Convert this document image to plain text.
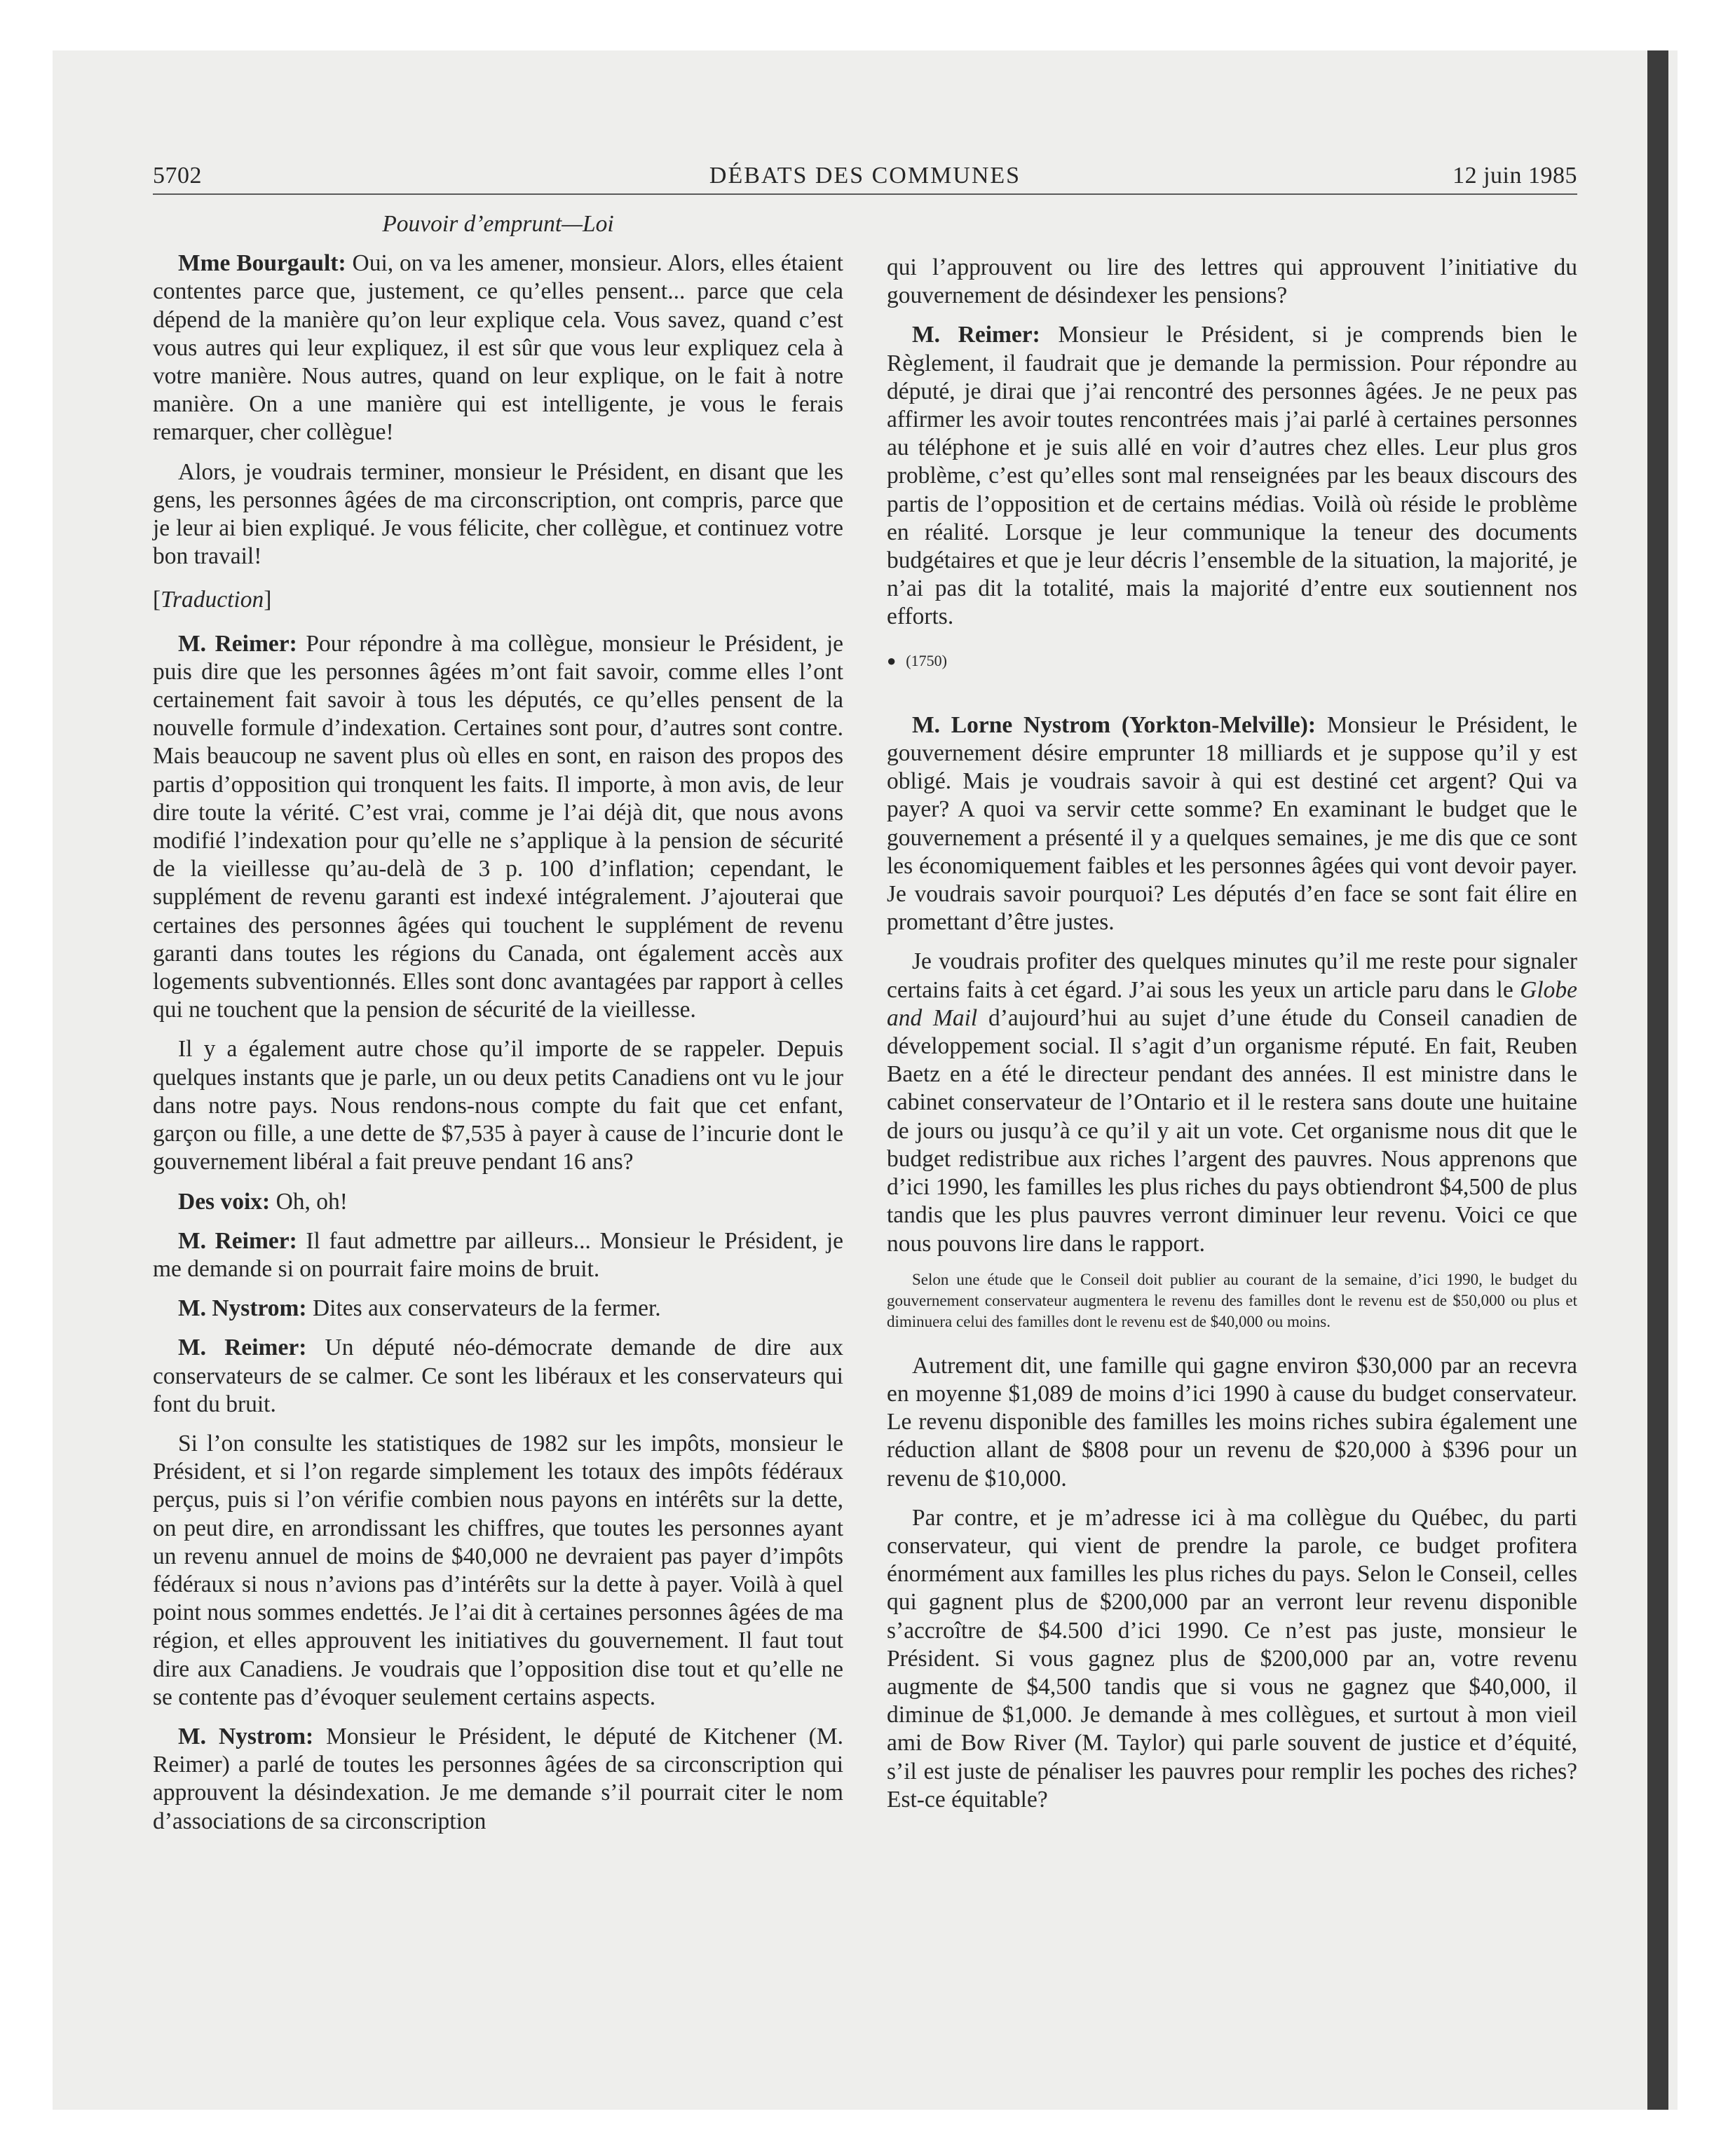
5702	DÉBATS DES COMMUNES	12 juin 1985

Pouvoir d’emprunt—Loi

Mme Bourgault: Oui, on va les amener, monsieur. Alors, elles étaient contentes parce que, justement, ce qu’elles pensent... parce que cela dépend de la manière qu’on leur explique cela. Vous savez, quand c’est vous autres qui leur expliquez, il est sûr que vous leur expliquez cela à votre manière. Nous autres, quand on leur explique, on le fait à notre manière. On a une manière qui est intelligente, je vous le ferais remarquer, cher collègue!

Alors, je voudrais terminer, monsieur le Président, en disant que les gens, les personnes âgées de ma circonscription, ont compris, parce que je leur ai bien expliqué. Je vous félicite, cher collègue, et continuez votre bon travail!

[Traduction]

M. Reimer: Pour répondre à ma collègue, monsieur le Président, je puis dire que les personnes âgées m’ont fait savoir, comme elles l’ont certainement fait savoir à tous les députés, ce qu’elles pensent de la nouvelle formule d’indexation. Certaines sont pour, d’autres sont contre. Mais beaucoup ne savent plus où elles en sont, en raison des propos des partis d’opposition qui tronquent les faits. Il importe, à mon avis, de leur dire toute la vérité. C’est vrai, comme je l’ai déjà dit, que nous avons modifié l’indexation pour qu’elle ne s’applique à la pension de sécurité de la vieillesse qu’au-delà de 3 p. 100 d’inflation; cependant, le supplément de revenu garanti est indexé intégralement. J’ajouterai que certaines des personnes âgées qui touchent le supplément de revenu garanti dans toutes les régions du Canada, ont également accès aux logements subventionnés. Elles sont donc avantagées par rapport à celles qui ne touchent que la pension de sécurité de la vieillesse.

Il y a également autre chose qu’il importe de se rappeler. Depuis quelques instants que je parle, un ou deux petits Canadiens ont vu le jour dans notre pays. Nous rendons-nous compte du fait que cet enfant, garçon ou fille, a une dette de $7,535 à payer à cause de l’incurie dont le gouvernement libéral a fait preuve pendant 16 ans?

Des voix: Oh, oh!

M. Reimer: Il faut admettre par ailleurs... Monsieur le Président, je me demande si on pourrait faire moins de bruit.

M. Nystrom: Dites aux conservateurs de la fermer.

M. Reimer: Un député néo-démocrate demande de dire aux conservateurs de se calmer. Ce sont les libéraux et les conservateurs qui font du bruit.

Si l’on consulte les statistiques de 1982 sur les impôts, monsieur le Président, et si l’on regarde simplement les totaux des impôts fédéraux perçus, puis si l’on vérifie combien nous payons en intérêts sur la dette, on peut dire, en arrondissant les chiffres, que toutes les personnes ayant un revenu annuel de moins de $40,000 ne devraient pas payer d’impôts fédéraux si nous n’avions pas d’intérêts sur la dette à payer. Voilà à quel point nous sommes endettés. Je l’ai dit à certaines personnes âgées de ma région, et elles approuvent les initiatives du gouvernement. Il faut tout dire aux Canadiens. Je voudrais que l’opposition dise tout et qu’elle ne se contente pas d’évoquer seulement certains aspects.

M. Nystrom: Monsieur le Président, le député de Kitchener (M. Reimer) a parlé de toutes les personnes âgées de sa circonscription qui approuvent la désindexation. Je me demande s’il pourrait citer le nom d’associations de sa circonscription

qui l’approuvent ou lire des lettres qui approuvent l’initiative du gouvernement de désindexer les pensions?

M. Reimer: Monsieur le Président, si je comprends bien le Règlement, il faudrait que je demande la permission. Pour répondre au député, je dirai que j’ai rencontré des personnes âgées. Je ne peux pas affirmer les avoir toutes rencontrées mais j’ai parlé à certaines personnes au téléphone et je suis allé en voir d’autres chez elles. Leur plus gros problème, c’est qu’elles sont mal renseignées par les beaux discours des partis de l’opposition et de certains médias. Voilà où réside le problème en réalité. Lorsque je leur communique la teneur des documents budgétaires et que je leur décris l’ensemble de la situation, la majorité, je n’ai pas dit la totalité, mais la majorité d’entre eux soutiennent nos efforts.

● (1750)

M. Lorne Nystrom (Yorkton-Melville): Monsieur le Président, le gouvernement désire emprunter 18 milliards et je suppose qu’il y est obligé. Mais je voudrais savoir à qui est destiné cet argent? Qui va payer? A quoi va servir cette somme? En examinant le budget que le gouvernement a présenté il y a quelques semaines, je me dis que ce sont les économiquement faibles et les personnes âgées qui vont devoir payer. Je voudrais savoir pourquoi? Les députés d’en face se sont fait élire en promettant d’être justes.

Je voudrais profiter des quelques minutes qu’il me reste pour signaler certains faits à cet égard. J’ai sous les yeux un article paru dans le Globe and Mail d’aujourd’hui au sujet d’une étude du Conseil canadien de développement social. Il s’agit d’un organisme réputé. En fait, Reuben Baetz en a été le directeur pendant des années. Il est ministre dans le cabinet conservateur de l’Ontario et il le restera sans doute une huitaine de jours ou jusqu’à ce qu’il y ait un vote. Cet organisme nous dit que le budget redistribue aux riches l’argent des pauvres. Nous apprenons que d’ici 1990, les familles les plus riches du pays obtiendront $4,500 de plus tandis que les plus pauvres verront diminuer leur revenu. Voici ce que nous pouvons lire dans le rapport.

Selon une étude que le Conseil doit publier au courant de la semaine, d’ici 1990, le budget du gouvernement conservateur augmentera le revenu des familles dont le revenu est de $50,000 ou plus et diminuera celui des familles dont le revenu est de $40,000 ou moins.

Autrement dit, une famille qui gagne environ $30,000 par an recevra en moyenne $1,089 de moins d’ici 1990 à cause du budget conservateur. Le revenu disponible des familles les moins riches subira également une réduction allant de $808 pour un revenu de $20,000 à $396 pour un revenu de $10,000.

Par contre, et je m’adresse ici à ma collègue du Québec, du parti conservateur, qui vient de prendre la parole, ce budget profitera énormément aux familles les plus riches du pays. Selon le Conseil, celles qui gagnent plus de $200,000 par an verront leur revenu disponible s’accroître de $4.500 d’ici 1990. Ce n’est pas juste, monsieur le Président. Si vous gagnez plus de $200,000 par an, votre revenu augmente de $4,500 tandis que si vous ne gagnez que $40,000, il diminue de $1,000. Je demande à mes collègues, et surtout à mon vieil ami de Bow River (M. Taylor) qui parle souvent de justice et d’équité, s’il est juste de pénaliser les pauvres pour remplir les poches des riches? Est-ce équitable?
